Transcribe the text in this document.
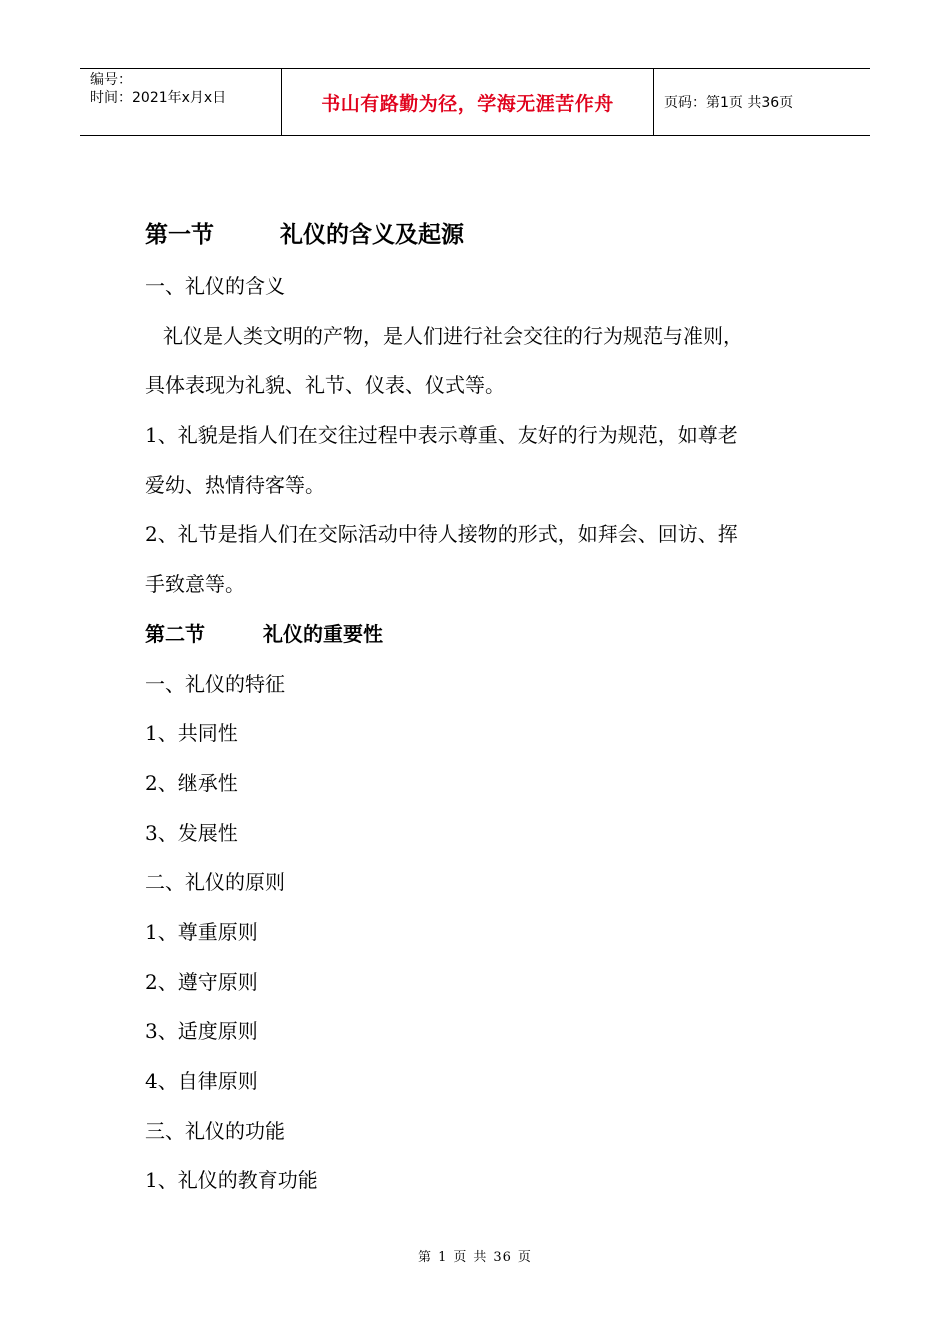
编号：
时间：2021年x月x日	书山有路勤为径，学海无涯苦作舟	页码：第1页 共36页
第一节	礼仪的含义及起源
一、礼仪的含义
礼仪是人类文明的产物，是人们进行社会交往的行为规范与准则，
具体表现为礼貌、礼节、仪表、仪式等。
1、礼貌是指人们在交往过程中表示尊重、友好的行为规范，如尊老
爱幼、热情待客等。
2、礼节是指人们在交际活动中待人接物的形式，如拜会、回访、挥
手致意等。
第二节	礼仪的重要性
一、礼仪的特征
1、共同性
2、继承性
3、发展性
二、礼仪的原则
1、尊重原则
2、遵守原则
3、适度原则
4、自律原则
三、礼仪的功能
1、礼仪的教育功能
第 1 页 共 36 页
